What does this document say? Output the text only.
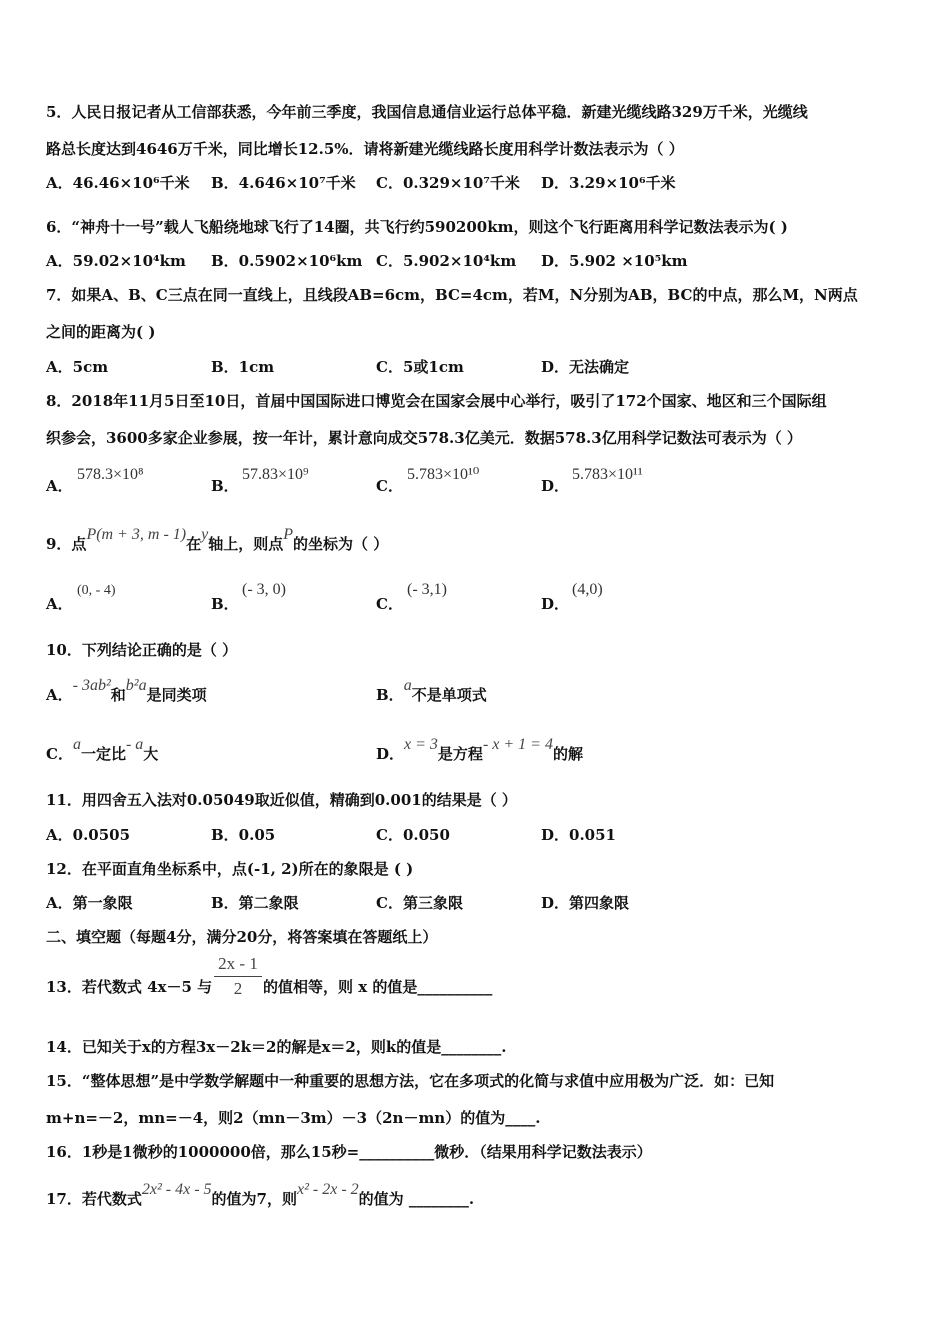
5．人民日报记者从工信部获悉，今年前三季度，我国信息通信业运行总体平稳．新建光缆线路329万千米，光缆线
路总长度达到4646万千米，同比增长12.5%．请将新建光缆线路长度用科学计数法表示为（ ）
A．46.46×10⁶千米 B．4.646×10⁷千米 C．0.329×10⁷千米 D．3.29×10⁶千米
6．“神舟十一号”载人飞船绕地球飞行了14圈，共飞行约590200km，则这个飞行距离用科学记数法表示为( )
A．59.02×10⁴km B．0.5902×10⁶km C．5.902×10⁴km D．5.902 ×10⁵km
7．如果A、B、C三点在同一直线上，且线段AB=6cm，BC=4cm，若M，N分别为AB，BC的中点，那么M，N两点
之间的距离为( )
A．5cm	B．1cm	C．5或1cm	D．无法确定
8．2018年11月5日至10日，首届中国国际进口博览会在国家会展中心举行，吸引了172个国家、地区和三个国际组
织参会，3600多家企业参展，按一年计，累计意向成交578.3亿美元．数据578.3亿用科学记数法可表示为（ ）
A．
578.3×10⁸
B．
57.83×10⁹
C．
5.783×10¹⁰
D．
5.783×10¹¹
9．点P(m + 3, m - 1)在y轴上，则点P的坐标为（ ）
A．
(0, - 4)
B．
(- 3, 0)
C．
(- 3,1)
D．
(4,0)
10．下列结论正确的是（ ）
A．- 3ab²和b²a是同类项	B．a不是单项式
C．a一定比- a大	D．x = 3是方程- x + 1 = 4的解
11．用四舍五入法对0.05049取近似值，精确到0.001的结果是（ ）
A．0.0505	B．0.05	C．0.050	D．0.051
12．在平面直角坐标系中，点(-1, 2)所在的象限是 ( )
A．第一象限	B．第二象限	C．第三象限	D．第四象限
二、填空题（每题4分，满分20分，将答案填在答题纸上）
13．若代数式 4x－5 与
2x - 1
2	的值相等，则 x 的值是__________
14．已知关于x的方程3x－2k＝2的解是x＝2，则k的值是________.
15．“整体思想”是中学数学解题中一种重要的思想方法，它在多项式的化简与求值中应用极为广泛．如：已知
m+n=－2，mn=－4，则2（mn－3m）－3（2n－mn）的值为____.
16．1秒是1微秒的1000000倍，那么15秒=__________微秒．（结果用科学记数法表示）
17．若代数式2x² - 4x - 5的值为7，则x² - 2x - 2的值为 ________.
